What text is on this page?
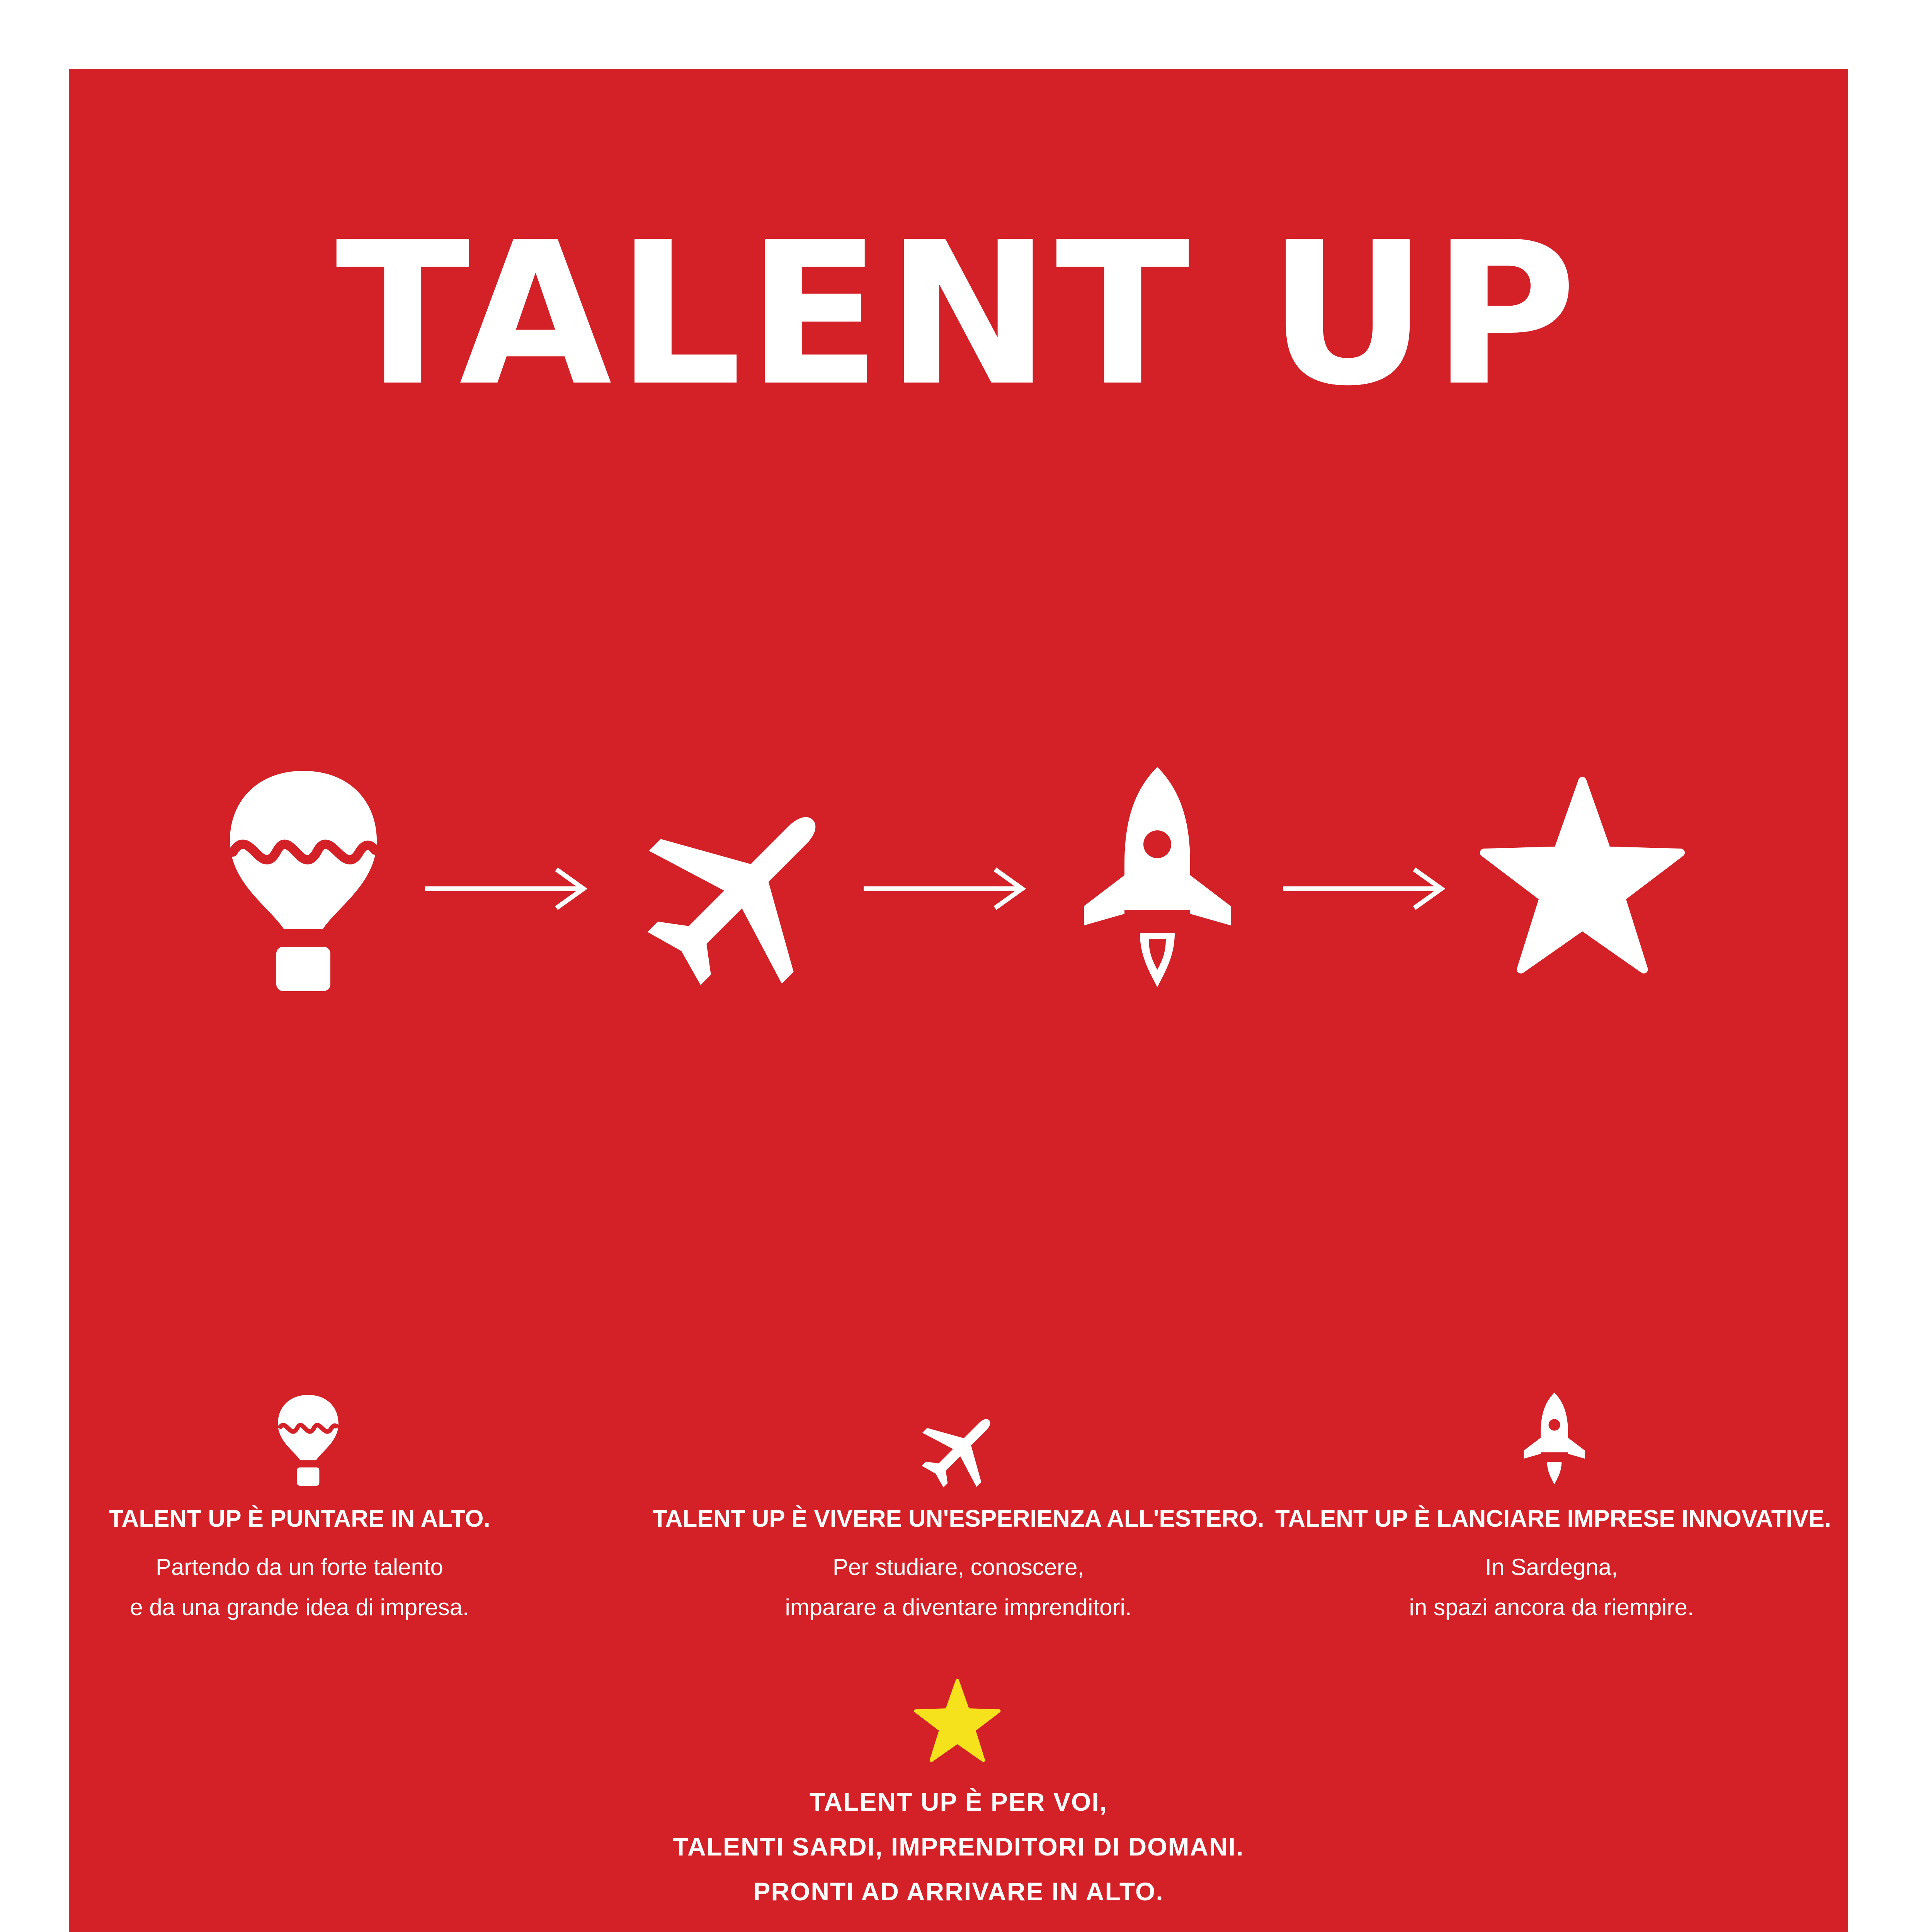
TALENT UP
TALENT UP È PUNTARE IN ALTO.
Partendo da un forte talento
e da una grande idea di impresa.
TALENT UP È VIVERE UN'ESPERIENZA ALL'ESTERO.
Per studiare, conoscere,
imparare a diventare imprenditori.
TALENT UP È LANCIARE IMPRESE INNOVATIVE.
In Sardegna,
in spazi ancora da riempire.
TALENT UP È PER VOI,
TALENTI SARDI, IMPRENDITORI DI DOMANI.
PRONTI AD ARRIVARE IN ALTO.
